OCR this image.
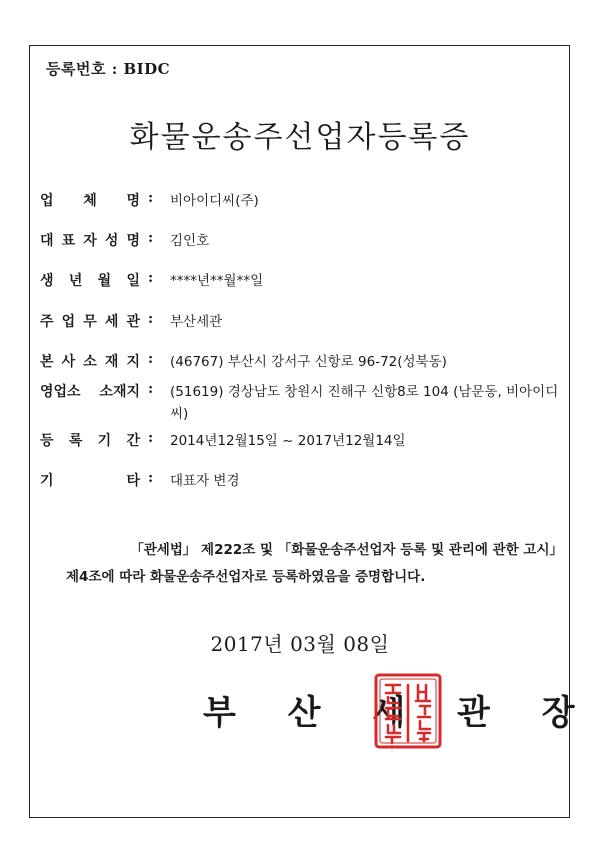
등록번호 : BIDC
화물운송주선업자등록증
업 체 명 : 비아이디씨(주)
대 표 자 성 명 : 김인호
생 년 월 일 : ****년**월**일
주 업 무 세 관 : 부산세관
본 사 소 재 지 : (46767) 부산시 강서구 신항로 96-72(성북동)
영업소 소재지 : (51619) 경상남도 창원시 진해구 신항8로 104 (남문동, 비아이디씨)
등 록 기 간 : 2014년12월15일 ~ 2017년12월14일
기	타 : 대표자 변경
「관세법」 제222조 및 「화물운송주선업자 등록 및 관리에 관한 고시」
제4조에 따라 화물운송주선업자로 등록하였음을 증명합니다.
2017년 03월 08일
부 산 세 관 장
